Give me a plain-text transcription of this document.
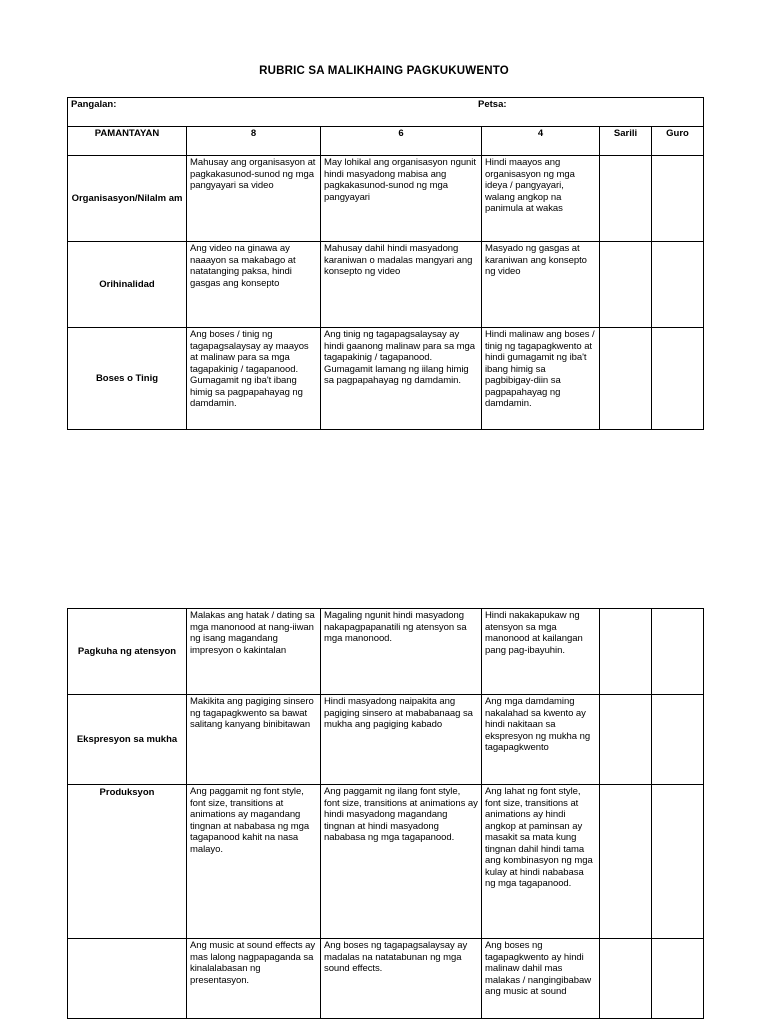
RUBRIC SA MALIKHAING PAGKUKUWENTO
Pangalan: Petsa:					

PAMANTAYAN	8	6	4	Sarili	Guro
Organisasyon/Nilalm am	Mahusay ang organisasyon at pagkakasunod-sunod ng mga pangyayari sa video	May lohikal ang organisasyon ngunit hindi masyadong mabisa ang pagkakasunod-sunod ng mga pangyayari	Hindi maayos ang organisasyon ng mga ideya / pangyayari, walang angkop na panimula at wakas		
Orihinalidad	Ang video na ginawa ay naaayon sa makabago at natatanging paksa, hindi gasgas ang konsepto	Mahusay dahil hindi masyadong karaniwan o madalas mangyari ang konsepto ng video	Masyado ng gasgas at karaniwan ang konsepto ng video		
Boses o Tinig	Ang boses / tinig ng tagapagsalaysay ay maayos at malinaw para sa mga tagapakinig / tagapanood. Gumagamit ng iba't ibang himig sa pagpapahayag ng damdamin.	Ang tinig ng tagapagsalaysay ay hindi gaanong malinaw para sa mga tagapakinig / tagapanood. Gumagamit lamang ng iilang himig sa pagpapahayag ng damdamin.	Hindi malinaw ang boses / tinig ng tagapagkwento at hindi gumagamit ng iba't ibang himig sa pagbibigay-diin sa pagpapahayag ng damdamin.		
Pagkuha ng atensyon	Malakas ang hatak / dating sa mga manonood at nang-iiwan ng isang magandang impresyon o kakintalan	Magaling ngunit hindi masyadong nakapagpapanatili ng atensyon sa mga manonood.	Hindi nakakapukaw ng atensyon sa mga manonood at kailangan pang pag-ibayuhin.		
Ekspresyon sa mukha	Makikita ang pagiging sinsero ng tagapagkwento sa bawat salitang kanyang binibitawan	Hindi masyadong naipakita ang pagiging sinsero at mababanaag sa mukha ang pagiging kabado	Ang mga damdaming nakalahad sa kwento ay hindi nakitaan sa ekspresyon ng mukha ng tagapagkwento		
Produksyon	Ang paggamit ng font style, font size, transitions at animations ay magandang tingnan at nababasa ng mga tagapanood kahit na nasa malayo.	Ang paggamit ng ilang font style, font size, transitions at animations ay hindi masyadong magandang tingnan at hindi masyadong nababasa ng mga tagapanood.	Ang lahat ng font style, font size, transitions at animations ay hindi angkop at paminsan ay masakit sa mata kung tingnan dahil hindi tama ang kombinasyon ng mga kulay at hindi nababasa ng mga tagapanood.		
	Ang music at sound effects ay mas lalong nagpapaganda sa kinalalabasan ng presentasyon.	Ang boses ng tagapagsalaysay ay madalas na natatabunan ng mga sound effects.	Ang boses ng tagapagkwento ay hindi malinaw dahil mas malakas / nangingibabaw ang music at sound		
